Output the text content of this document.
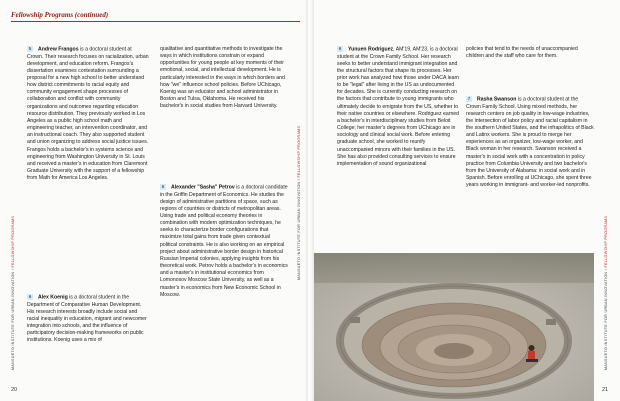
Fellowship Programs (continued)
MANSUETO INSTITUTE FOR URBAN INNOVATION / FELLOWSHIP PROGRAMS	MANSUETO INSTITUTE FOR URBAN INNOVATION / FELLOWSHIP PROGRAMS
MANSUETO INSTITUTE FOR URBAN INNOVATION / FELLOWSHIP PROGRAMS

5 Andrew Frangos is a doctoral student at Crown. Their research focuses on racialization, urban development, and education reform. Frangos's dissertation examines contestation surrounding a proposal for a new high school to better understand how district commitments to racial equity and community engagement shape processes of collaboration and conflict with community organizations and outcomes regarding education resource distribution. They previously worked in Los Angeles as a public high school math and engineering teacher, an intervention coordinator, and an instructional coach. They also supported student and union organizing to address social justice issues. Frangos holds a bachelor's in systems science and engineering from Washington University in St. Louis and received a master's in education from Claremont Graduate University with the support of a fellowship from Math for America Los Angeles.

6 Alex Koenig is a doctoral student in the Department of Comparative Human Development. His research interests broadly include social and racial inequality in education, migrant and newcomer integration into schools, and the influence of participatory decision-making frameworks on public institutions. Koenig uses a mix of

qualitative and quantitative methods to investigate the ways in which institutions constrain or expand opportunities for young people at key moments of their emotional, social, and intellectual development. He is particularly interested in the ways in which borders and how "we" influence school policies. Before UChicago, Koenig was an educator and school administrator in Boston and Tulsa, Oklahoma. He received his bachelor's in social studies from Harvard University.

6 Alexander "Sasha" Petrov is a doctoral candidate in the Griffin Department of Economics. He studies the design of administrative partitions of space, such as regions of countries or districts of metropolitan areas. Using trade and political economy theories in combination with modern optimization techniques, he seeks to characterize border configurations that maximize total gains from trade given contextual political constraints. He is also working on an empirical project about administrative border design in historical Russian Imperial colonies, applying insights from his theoretical work. Petrov holds a bachelor's in economics and a master's in institutional economics from Lomonosov Moscow State University, as well as a master's in economics from New Economic School in Moscow.

6 Yunuen Rodriguez, AM'19, AM'23, is a doctoral student at the Crown Family School. Her research seeks to better understand immigrant integration and the structural factors that shape its processes. Her prior work has analyzed how those under DACA learn to be "legal" after living in the US as undocumented for decades. She is currently conducting research on the factors that contribute to young immigrants who ultimately decide to emigrate from the US, whether to their native countries or elsewhere. Rodriguez earned a bachelor's in interdisciplinary studies from Beloit College; her master's degrees from UChicago are in sociology and clinical social work. Before entering graduate school, she worked to reunify unaccompanied minors with their families in the US. She has also provided consulting services to ensure implementation of sound organizational

policies that tend to the needs of unaccompanied children and the staff who care for them.

7 Rasha Swanson is a doctoral student at the Crown Family School. Using mixed methods, her research centers on job quality in low-wage industries, the intersection of labor policy and racial capitalism in the southern United States, and the infrapolitics of Black and Latinx workers. She is proud to merge her experiences as an organizer, low-wage worker, and Black woman in her research. Swanson received a master's in social work with a concentration in policy practice from Columbia University and two bachelor's from the University of Alabama: in social work and in Spanish. Before enrolling at UChicago, she spent three years working in immigrant- and worker-led nonprofits.

20	21
